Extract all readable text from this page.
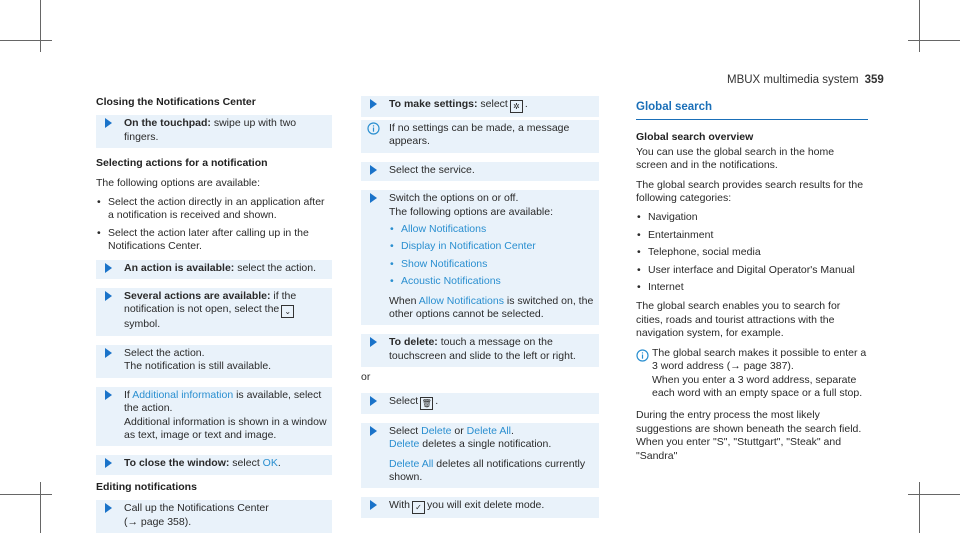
MBUX multimedia system 359
Closing the Notifications Center
On the touchpad: swipe up with two fingers.
Selecting actions for a notification

The following options are available:

• Select the action directly in an application after a notification is received and shown.
• Select the action later after calling up in the Notifications Center.
An action is available: select the action.
Several actions are available: if the notification is not open, select the ⌄symbol.
Select the action.
The notification is still available.
If Additional information is available, select the action.
Additional information is shown in a window as text, image or text and image.
To close the window: select OK.
Editing notifications
Call up the Notifications Center
(→ page 358).
To make settings: select ✲ .
If no settings can be made, a message appears.
Select the service.
Switch the options on or off.
The following options are available:
• Allow Notifications
• Display in Notification Center
• Show Notifications
• Acoustic Notifications
When Allow Notifications is switched on, the other options cannot be selected.
To delete: touch a message on the touchscreen and slide to the left or right.
or
Select 🗑 .
Select Delete or Delete All.
Delete deletes a single notification.
Delete All deletes all notifications currently shown.
With ✓ you will exit delete mode.
Global search
Global search overview

You can use the global search in the home screen and in the notifications.

The global search provides search results for the following categories:

• Navigation
• Entertainment
• Telephone, social media
• User interface and Digital Operator's Manual
• Internet

The global search enables you to search for cities, roads and tourist attractions with the navigation system, for example.

The global search makes it possible to enter a 3 word address (→ page 387).
When you enter a 3 word address, separate each word with an empty space or a full stop.

During the entry process the most likely suggestions are shown beneath the search field. When you enter "S", "Stuttgart", "Steak" and "Sandra"
